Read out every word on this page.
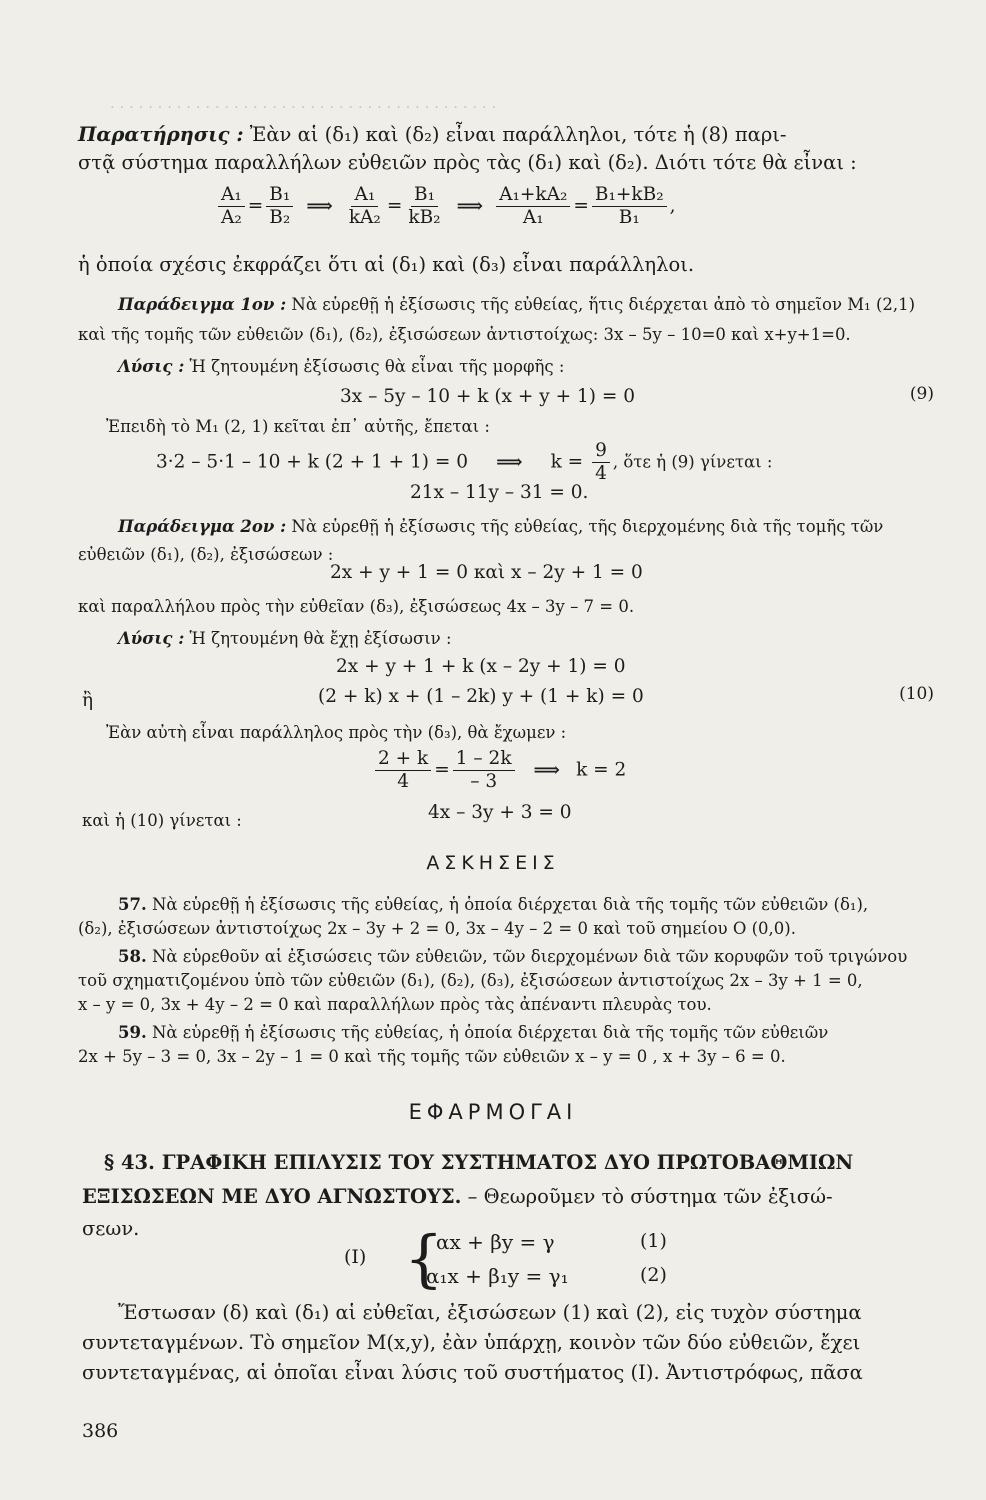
· · · · · · · · · · · · · · · · · · · · · · · · · · · · · · · · · · · · · · · · ·
Παρατήρησις : Ἐὰν αἱ (δ₁) καὶ (δ₂) εἶναι παράλληλοι, τότε ἡ (8) παρι-
στᾷ σύστημα παραλλήλων εὐθειῶν πρὸς τὰς (δ₁) καὶ (δ₂). Διότι τότε θὰ εἶναι :
$\frac{\text{A₁}}{\text{A₂}} = \frac{\text{B₁}}{\text{B₂}}$ ⟹ $\frac{\text{A₁}}{\text{kA₂}} = \frac{\text{B₁}}{\text{kB₂}}$ ⟹ $\frac{\text{A₁+kA₂}}{\text{A₁}} = \frac{\text{B₁+kB₂}}{\text{B₁}}$ ,
ἡ ὁποία σχέσις ἐκφράζει ὅτι αἱ (δ₁) καὶ (δ₃) εἶναι παράλληλοι.
Παράδειγμα 1ον : Νὰ εὑρεθῇ ἡ ἐξίσωσις τῆς εὐθείας, ἥτις διέρχεται ἀπὸ τὸ σημεῖον M₁ (2,1)
καὶ τῆς τομῆς τῶν εὐθειῶν (δ₁), (δ₂), ἐξισώσεων ἀντιστοίχως: 3x – 5y – 10=0 καὶ x+y+1=0.
Λύσις : Ἡ ζητουμένη ἐξίσωσις θὰ εἶναι τῆς μορφῆς :
3x – 5y – 10 + k (x + y + 1) = 0	(9)
Ἐπειδὴ τὸ M₁ (2, 1) κεῖται ἐπ᾽ αὐτῆς, ἔπεται :
3·2 – 5·1 – 10 + k (2 + 1 + 1) = 0 ⟹ $k = \frac{9}{4}$ , ὅτε ἡ (9) γίνεται :
21x – 11y – 31 = 0.
Παράδειγμα 2ον : Νὰ εὑρεθῇ ἡ ἐξίσωσις τῆς εὐθείας, τῆς διερχομένης διὰ τῆς τομῆς τῶν
εὐθειῶν (δ₁), (δ₂), ἐξισώσεων :
2x + y + 1 = 0 καὶ x – 2y + 1 = 0
καὶ παραλλήλου πρὸς τὴν εὐθεῖαν (δ₃), ἐξισώσεως 4x – 3y – 7 = 0.
Λύσις : Ἡ ζητουμένη θὰ ἔχῃ ἐξίσωσιν :
2x + y + 1 + k (x – 2y + 1) = 0
ἢ	(2 + k) x + (1 – 2k) y + (1 + k) = 0	(10)
Ἐὰν αὐτὴ εἶναι παράλληλος πρὸς τὴν (δ₃), θὰ ἔχωμεν :
$\frac{2 + k}{4} = \frac{1 - 2k}{- 3}$ ⟹ k = 2
καὶ ἡ (10) γίνεται :	4x – 3y + 3 = 0
ΑΣΚΗΣΕΙΣ
57. Νὰ εὑρεθῇ ἡ ἐξίσωσις τῆς εὐθείας, ἡ ὁποία διέρχεται διὰ τῆς τομῆς τῶν εὐθειῶν (δ₁),
(δ₂), ἐξισώσεων ἀντιστοίχως 2x – 3y + 2 = 0, 3x – 4y – 2 = 0 καὶ τοῦ σημείου O (0,0).
58. Νὰ εὑρεθοῦν αἱ ἐξισώσεις τῶν εὐθειῶν, τῶν διερχομένων διὰ τῶν κορυφῶν τοῦ τριγώνου
τοῦ σχηματιζομένου ὑπὸ τῶν εὐθειῶν (δ₁), (δ₂), (δ₃), ἐξισώσεων ἀντιστοίχως 2x – 3y + 1 = 0,
x – y = 0, 3x + 4y – 2 = 0 καὶ παραλλήλων πρὸς τὰς ἀπέναντι πλευρὰς του.
59. Νὰ εὑρεθῇ ἡ ἐξίσωσις τῆς εὐθείας, ἡ ὁποία διέρχεται διὰ τῆς τομῆς τῶν εὐθειῶν
2x + 5y – 3 = 0, 3x – 2y – 1 = 0 καὶ τῆς τομῆς τῶν εὐθειῶν x – y = 0 , x + 3y – 6 = 0.
ΕΦΑΡΜΟΓΑΙ
§ 43. ΓΡΑΦΙΚΗ ΕΠΙΛΥΣΙΣ ΤΟΥ ΣΥΣΤΗΜΑΤΟΣ ΔΥΟ ΠΡΩΤΟΒΑΘΜΙΩΝ
ΕΞΙΣΩΣΕΩΝ ΜΕ ΔΥΟ ΑΓΝΩΣΤΟΥΣ. – Θεωροῦμεν τὸ σύστημα τῶν ἐξισώ-
σεων.
(I) {
αx + βy = γ	(1)
α₁x + β₁y = γ₁	(2)
Ἔστωσαν (δ) καὶ (δ₁) αἱ εὐθεῖαι, ἐξισώσεων (1) καὶ (2), εἰς τυχὸν σύστημα
συντεταγμένων. Τὸ σημεῖον M(x,y), ἐὰν ὑπάρχῃ, κοινὸν τῶν δύο εὐθειῶν, ἔχει
συντεταγμένας, αἱ ὁποῖαι εἶναι λύσις τοῦ συστήματος (I). Ἀντιστρόφως, πᾶσα
386
